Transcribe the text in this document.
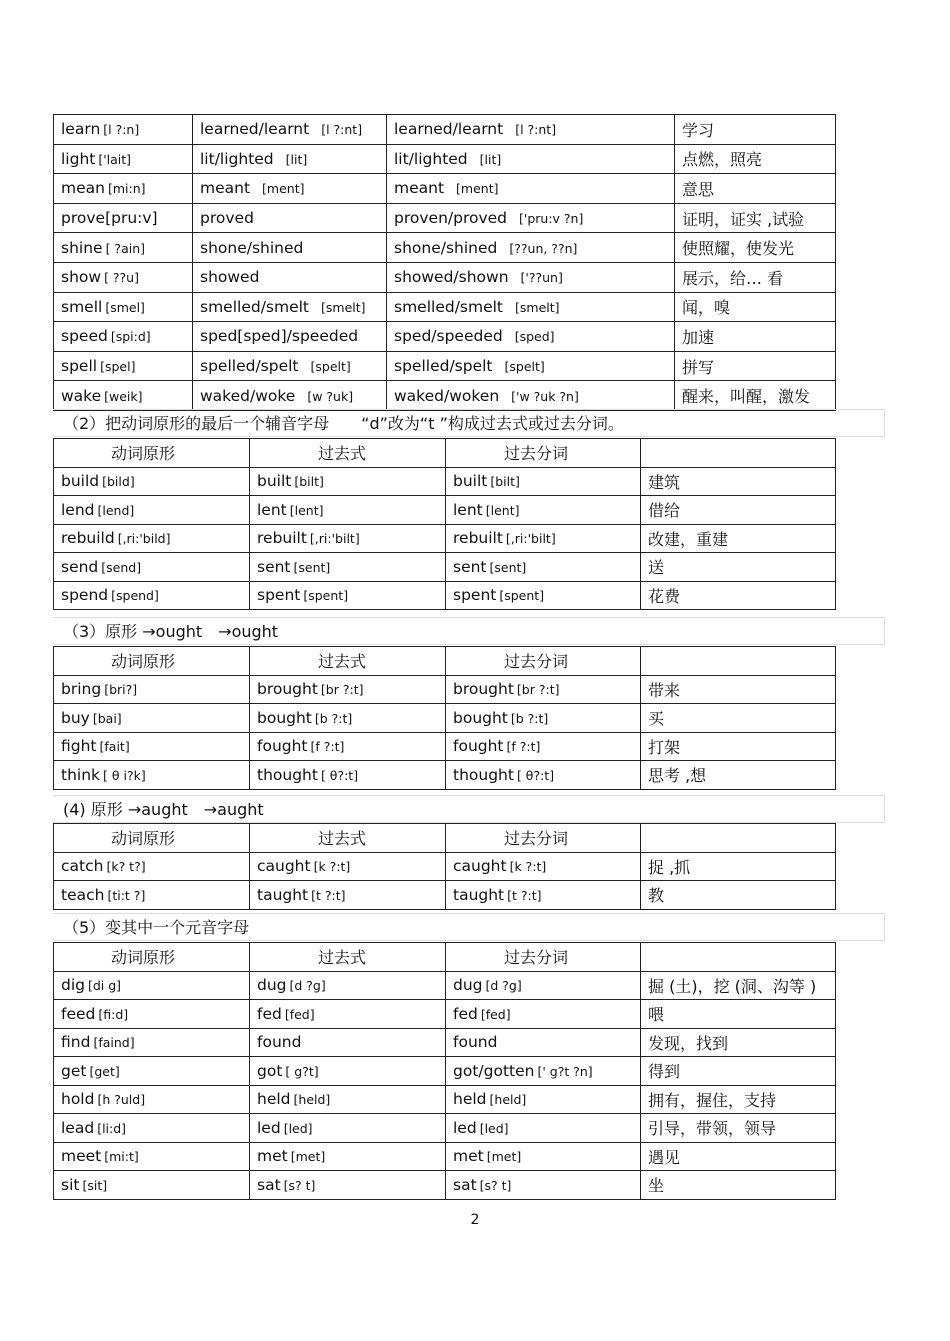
learn [l ?:n]	learned/learnt [l ?:nt]	learned/learnt [l ?:nt]	学习
light ['lait]	lit/lighted [lit]	lit/lighted [lit]	点燃，照亮
mean [mi:n]	meant [ment]	meant [ment]	意思
prove[pru:v]	proved	proven/proved ['pru:v ?n]	证明，证实 ,试验
shine [ ?ain]	shone/shined	shone/shined [??un, ??n]	使照耀，使发光
show [ ??u]	showed	showed/shown ['??un]	展示，给… 看
smell [smel]	smelled/smelt [smelt]	smelled/smelt [smelt]	闻，嗅
speed [spi:d]	sped[sped]/speeded	sped/speeded [sped]	加速
spell [spel]	spelled/spelt [spelt]	spelled/spelt [spelt]	拼写
wake [weik]	waked/woke [w ?uk]	waked/woken ['w ?uk ?n]	醒来，叫醒，激发
（2）把动词原形的最后一个辅音字母　　“d”改为“t ”构成过去式或过去分词。
动词原形	过去式	过去分词	
build [bild]	built [bilt]	built [bilt]	建筑
lend [lend]	lent [lent]	lent [lent]	借给
rebuild [,ri:'bild]	rebuilt [,ri:'bilt]	rebuilt [,ri:'bilt]	改建，重建
send [send]	sent [sent]	sent [sent]	送
spend [spend]	spent [spent]	spent [spent]	花费
（3）原形 →ought　→ought
动词原形	过去式	过去分词	
bring [bri?]	brought [br ?:t]	brought [br ?:t]	带来
buy [bai]	bought [b ?:t]	bought [b ?:t]	买
fight [fait]	fought [f ?:t]	fought [f ?:t]	打架
think [ θ i?k]	thought [ θ?:t]	thought [ θ?:t]	思考 ,想
(4) 原形 →aught　→aught
动词原形	过去式	过去分词	
catch [k? t?]	caught [k ?:t]	caught [k ?:t]	捉 ,抓
teach [ti:t ?]	taught [t ?:t]	taught [t ?:t]	教
（5）变其中一个元音字母
动词原形	过去式	过去分词	
dig [di g]	dug [d ?g]	dug [d ?g]	掘 (土)，挖 (洞、沟等 )
feed [fi:d]	fed [fed]	fed [fed]	喂
find [faind]	found	found	发现，找到
get [get]	got [ g?t]	got/gotten [' g?t ?n]	得到
hold [h ?uld]	held [held]	held [held]	拥有，握住，支持
lead [li:d]	led [led]	led [led]	引导，带领，领导
meet [mi:t]	met [met]	met [met]	遇见
sit [sit]	sat [s? t]	sat [s? t]	坐
2
